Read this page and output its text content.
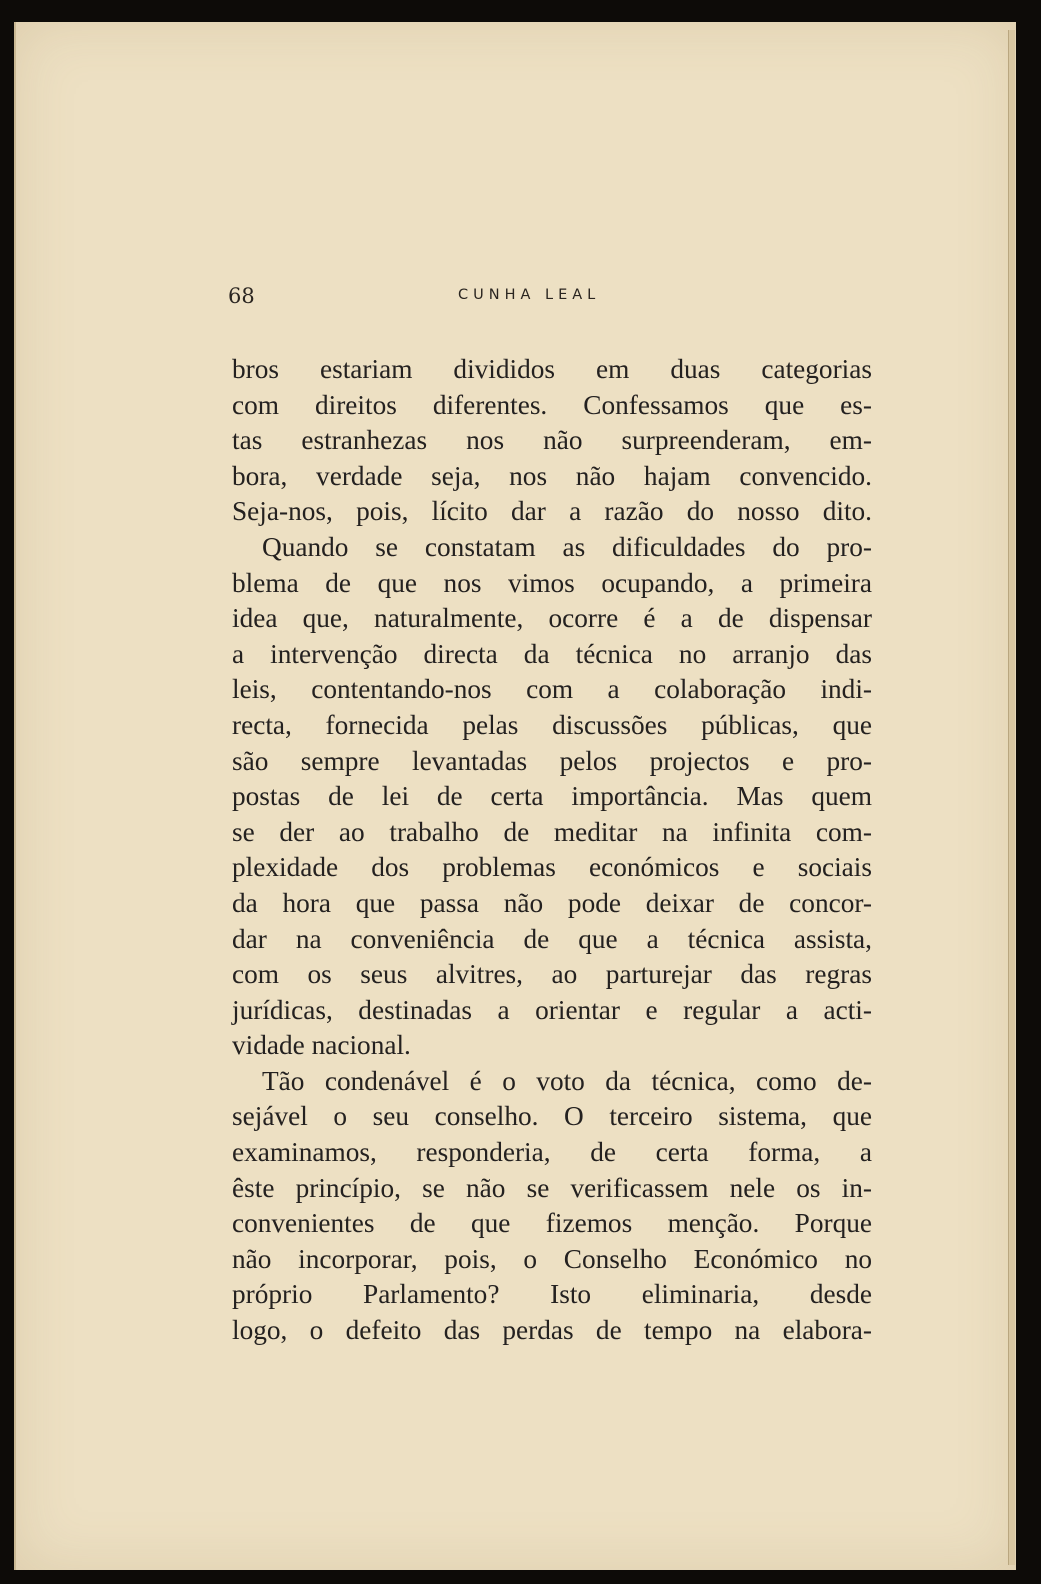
68	CUNHA LEAL
bros estariam divididos em duas categorias
com direitos diferentes. Confessamos que es-
tas estranhezas nos não surpreenderam, em-
bora, verdade seja, nos não hajam convencido.
Seja-nos, pois, lícito dar a razão do nosso dito.
Quando se constatam as dificuldades do pro-
blema de que nos vimos ocupando, a primeira
idea que, naturalmente, ocorre é a de dispensar
a intervenção directa da técnica no arranjo das
leis, contentando-nos com a colaboração indi-
recta, fornecida pelas discussões públicas, que
são sempre levantadas pelos projectos e pro-
postas de lei de certa importância. Mas quem
se der ao trabalho de meditar na infinita com-
plexidade dos problemas económicos e sociais
da hora que passa não pode deixar de concor-
dar na conveniência de que a técnica assista,
com os seus alvitres, ao parturejar das regras
jurídicas, destinadas a orientar e regular a acti-
vidade nacional.
Tão condenável é o voto da técnica, como de-
sejável o seu conselho. O terceiro sistema, que
examinamos, responderia, de certa forma, a
êste princípio, se não se verificassem nele os in-
convenientes de que fizemos menção. Porque
não incorporar, pois, o Conselho Económico no
próprio Parlamento? Isto eliminaria, desde
logo, o defeito das perdas de tempo na elabora-
